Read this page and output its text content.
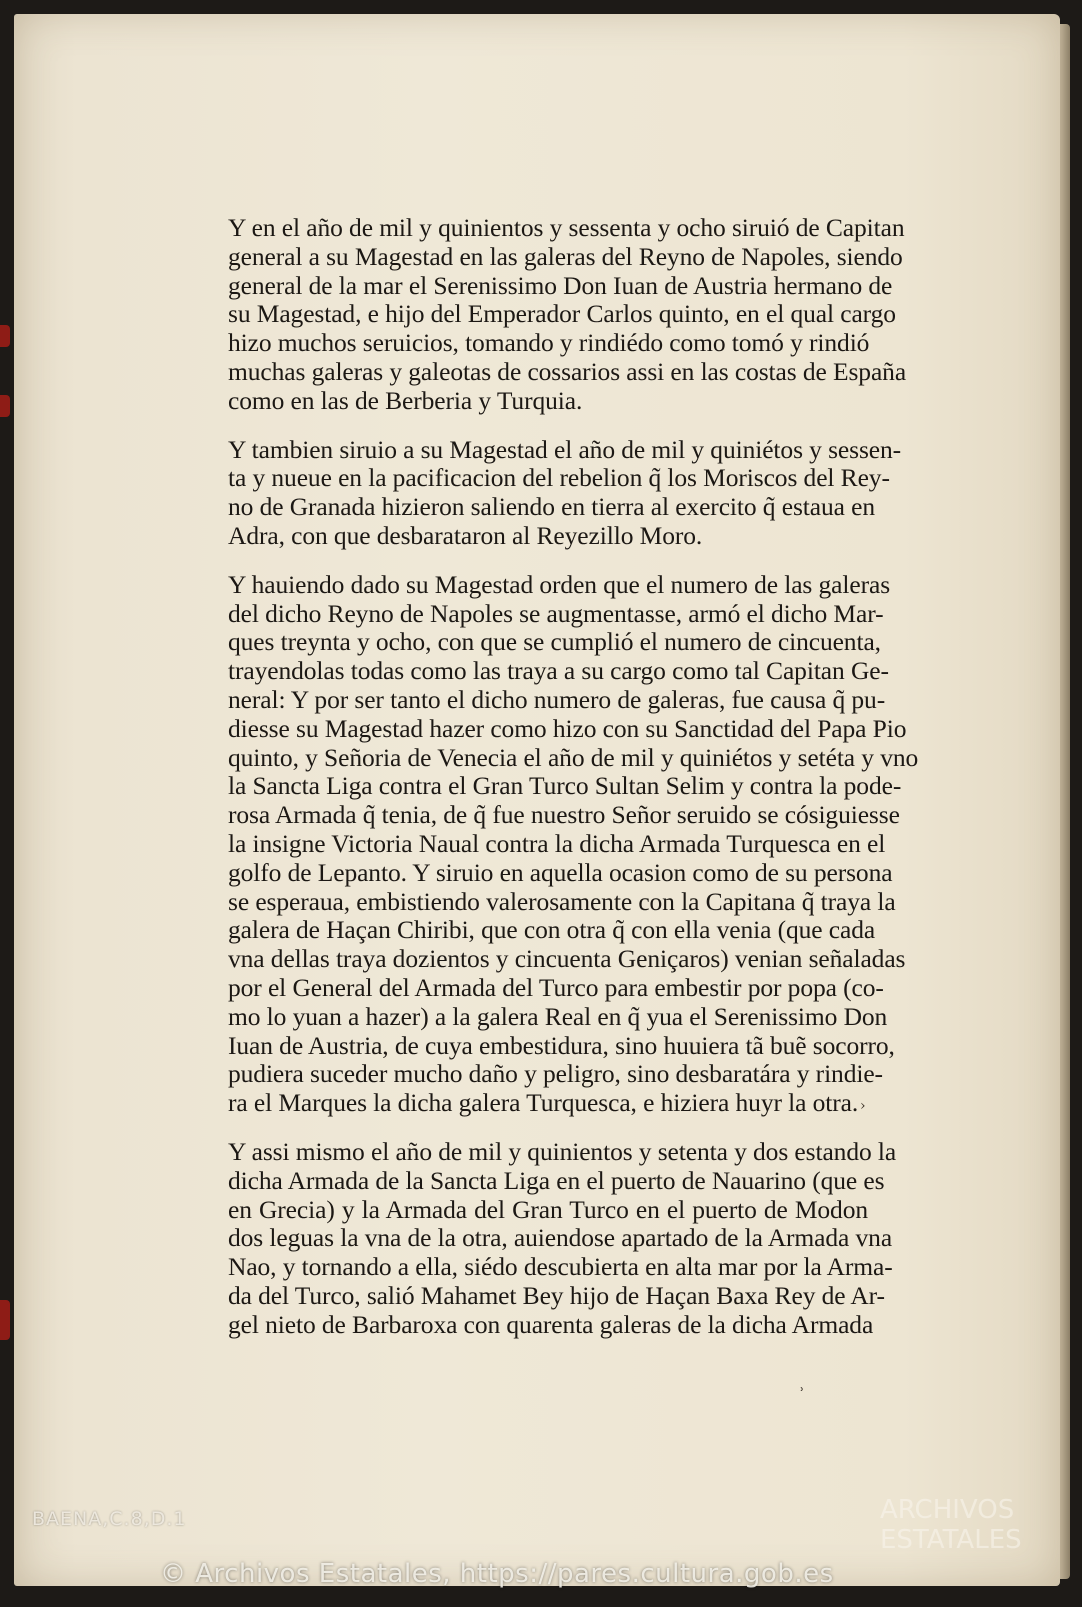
Y en el año de mil y quinientos y sessenta y ocho siruió de Capitan
general a su Magestad en las galeras del Reyno de Napoles, siendo
general de la mar el Serenissimo Don Iuan de Austria hermano de
su Magestad, e hijo del Emperador Carlos quinto, en el qual cargo
hizo muchos seruicios, tomando y rindiédo como tomó y rindió
muchas galeras y galeotas de cossarios assi en las costas de España
como en las de Berberia y Turquia.
Y tambien siruio a su Magestad el año de mil y quiniétos y sessen-
ta y nueue en la pacificacion del rebelion q̃ los Moriscos del Rey-
no de Granada hizieron saliendo en tierra al exercito q̃ estaua en
Adra, con que desbarataron al Reyezillo Moro.
Y hauiendo dado su Magestad orden que el numero de las galeras
del dicho Reyno de Napoles se augmentasse, armó el dicho Mar-
ques treynta y ocho, con que se cumplió el numero de cincuenta,
trayendolas todas como las traya a su cargo como tal Capitan Ge-
neral: Y por ser tanto el dicho numero de galeras, fue causa q̃ pu-
diesse su Magestad hazer como hizo con su Sanctidad del Papa Pio
quinto, y Señoria de Venecia el año de mil y quiniétos y setéta y vno
la Sancta Liga contra el Gran Turco Sultan Selim y contra la pode-
rosa Armada q̃ tenia, de q̃ fue nuestro Señor seruido se cósiguiesse
la insigne Victoria Naual contra la dicha Armada Turquesca en el
golfo de Lepanto. Y siruio en aquella ocasion como de su persona
se esperaua, embistiendo valerosamente con la Capitana q̃ traya la
galera de Haçan Chiribi, que con otra q̃ con ella venia (que cada
vna dellas traya dozientos y cincuenta Geniçaros) venian señaladas
por el General del Armada del Turco para embestir por popa (co-
mo lo yuan a hazer) a la galera Real en q̃ yua el Serenissimo Don
Iuan de Austria, de cuya embestidura, sino huuiera tã buẽ socorro,
pudiera suceder mucho daño y peligro, sino desbaratára y rindie-
ra el Marques la dicha galera Turquesca, e hiziera huyr la otra.
Y assi mismo el año de mil y quinientos y setenta y dos estando la
dicha Armada de la Sancta Liga en el puerto de Nauarino (que es
en Grecia) y la Armada del Gran Turco en el puerto de Modon
dos leguas la vna de la otra, auiendose apartado de la Armada vna
Nao, y tornando a ella, siédo descubierta en alta mar por la Arma-
da del Turco, salió Mahamet Bey hijo de Haçan Baxa Rey de Ar-
gel nieto de Barbaroxa con quarenta galeras de la dicha Armada
›
ʾ
BAENA,C.8,D.1
© Archivos Estatales, https://pares.cultura.gob.es
ARCHIVOS
ESTATALES
